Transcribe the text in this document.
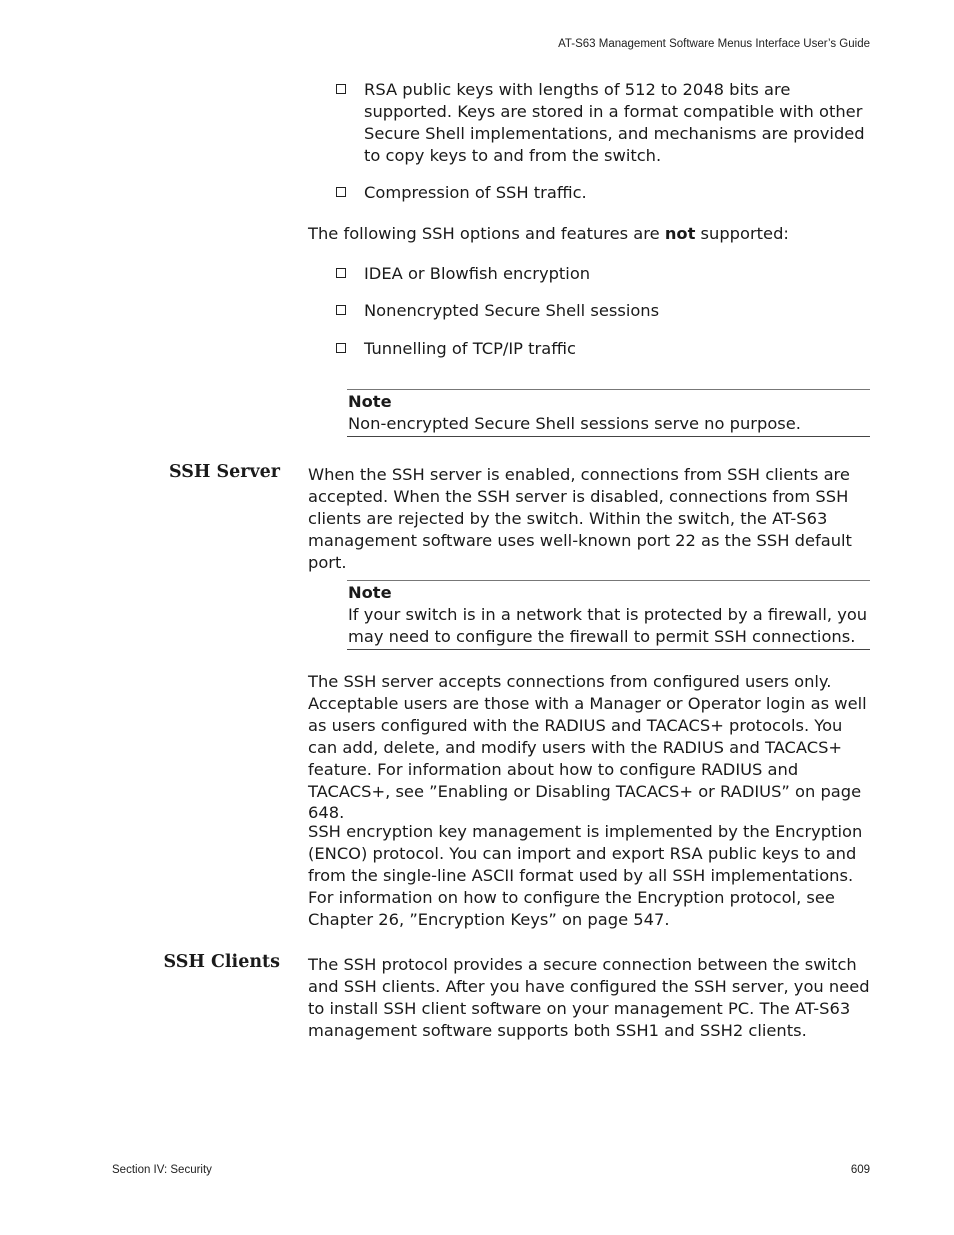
AT-S63 Management Software Menus Interface User’s Guide
RSA public keys with lengths of 512 to 2048 bits are supported. Keys are stored in a format compatible with other Secure Shell implementations, and mechanisms are provided to copy keys to and from the switch.
Compression of SSH traffic.

The following SSH options and features are not supported:

IDEA or Blowfish encryption
Nonencrypted Secure Shell sessions
Tunnelling of TCP/IP traffic
Note
Non-encrypted Secure Shell sessions serve no purpose.
SSH Server When the SSH server is enabled, connections from SSH clients are accepted. When the SSH server is disabled, connections from SSH clients are rejected by the switch. Within the switch, the AT-S63 management software uses well-known port 22 as the SSH default port.

Note
If your switch is in a network that is protected by a firewall, you may need to configure the firewall to permit SSH connections.

The SSH server accepts connections from configured users only. Acceptable users are those with a Manager or Operator login as well as users configured with the RADIUS and TACACS+ protocols. You can add, delete, and modify users with the RADIUS and TACACS+ feature. For information about how to configure RADIUS and TACACS+, see ”Enabling or Disabling TACACS+ or RADIUS” on page 648.

SSH encryption key management is implemented by the Encryption (ENCO) protocol. You can import and export RSA public keys to and from the single-line ASCII format used by all SSH implementations. For information on how to configure the Encryption protocol, see Chapter 26, ”Encryption Keys” on page 547.

SSH Clients The SSH protocol provides a secure connection between the switch and SSH clients. After you have configured the SSH server, you need to install SSH client software on your management PC. The AT-S63 management software supports both SSH1 and SSH2 clients.

Section IV: Security	609
